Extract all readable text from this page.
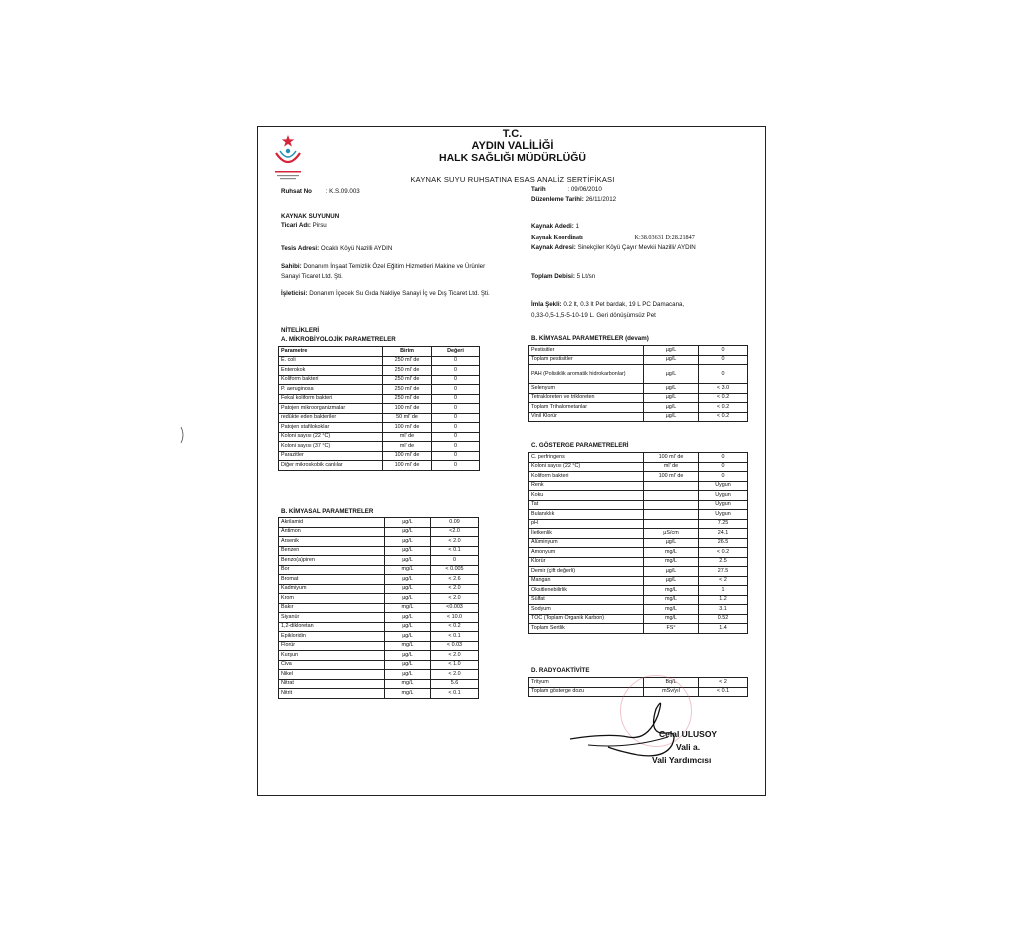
T.C.
AYDIN VALİLİĞİ
HALK SAĞLIĞI MÜDÜRLÜĞÜ
KAYNAK SUYU RUHSATINA ESAS ANALİZ SERTİFİKASI
Ruhsat No : K.S.09.003	Tarih	: 09/06/2010
Düzenleme Tarihi: 26/11/2012
KAYNAK SUYUNUN
Ticari Adı: Pirsu
Tesis Adresi: Ocaklı Köyü Nazilli AYDIN
Sahibi: Donanım İnşaat Temizlik Özel Eğitim Hizmetleri Makine ve Ürünler
Sanayi Ticaret Ltd. Şti.
İşleticisi: Donanım İçecek Su Gıda Nakliye Sanayi İç ve Dış Ticaret Ltd. Şti.
Kaynak Adedi: 1
Kaynak Koordinatı	K:38.03631 D:28.21847
Kaynak Adresi: Sinekçiler Köyü Çayır Mevkii Nazilli/ AYDIN
Toplam Debisi: 5 Lt/sn
İmla Şekli: 0.2 lt, 0.3 lt Pet bardak, 19 L PC Damacana,
0,33-0,5-1,5-5-10-19 L. Geri dönüşümsüz Pet
NİTELİKLERİ
A. MİKROBİYOLOJİK PARAMETRELER
Parametre	Birim	Değeri
E. coli	250 ml' de	0
Enterokok	250 ml' de	0
Koliform bakteri	250 ml' de	0
P. aeruginosa	250 ml' de	0
Fekal koliform bakteri	250 ml' de	0
Patojen mikroorganizmalar	100 ml' de	0
redükte eden bakteriler	50 ml' de	0
Patojen stafilokoklar	100 ml' de	0
Koloni sayısı (22 °C)	ml' de	0
Koloni sayısı (37 °C)	ml' de	0
Parazitler	100 ml' de	0
Diğer mikroskobik canlılar	100 ml' de	0
B. KİMYASAL PARAMETRELER
Akrilamid	µg/L	0.09
Antimon	µg/L	<2.0
Arsenik	µg/L	< 2.0
Benzen	µg/L	< 0.1
Benzo(a)piren	µg/L	0
Bor	mg/L	< 0.005
Bromat	µg/L	< 2.6
Kadmiyum	µg/L	< 2.0
Krom	µg/L	< 2.0
Bakır	mg/L	<0.003
Siyanür	µg/L	< 10.0
1,2-dikloretan	µg/L	< 0.2
Epikloridin	µg/L	< 0.1
Florür	mg/L	< 0.03
Kurşun	µg/L	< 2.0
Civa	µg/L	< 1.0
Nikel	µg/L	< 2.0
Nitrat	mg/L	5.6
Nitrit	mg/L	< 0.1
B. KİMYASAL PARAMETRELER (devam)
Pestisitler	µg/L	0
Toplam pestisitler	µg/L	0
PAH (Polisiklik aromatik hidrokarbonlar)	µg/L	0
Selenyum	µg/L	< 3.0
Tetrakloreten ve trikloreten	µg/L	< 0.2
Toplam Trihalometanlar	µg/L	< 0.2
Vinil Klorür	µg/L	< 0.2
C. GÖSTERGE PARAMETRELERİ
C. perfringens	100 ml' de	0
Koloni sayısı (22 °C)	ml' de	0
Koliform bakteri	100 ml' de	0
Renk		Uygun
Koku		Uygun
Tat		Uygun
Bulanıklık		Uygun
pH		7.25
İletkenlik	µS/cm	24.1
Alüminyum	µg/L	26.5
Amonyum	mg/L	< 0.2
Klorür	mg/L	2.5
Demir (çift değerli)	µg/L	27.5
Mangan	µg/L	< 2
Oksitlenebilirlik	mg/L	1
Sülfat	mg/L	1.2
Sodyum	mg/L	3.1
TOC (Toplam Organik Karbon)	mg/L	0.52
Toplam Sertlik	FS°	1.4
D. RADYOAKTİVİTE
Trityum	Bq/L	< 2
Toplam gösterge dozu	mSv/yıl	< 0.1
Celal ULUSOY
Vali a.
Vali Yardımcısı
